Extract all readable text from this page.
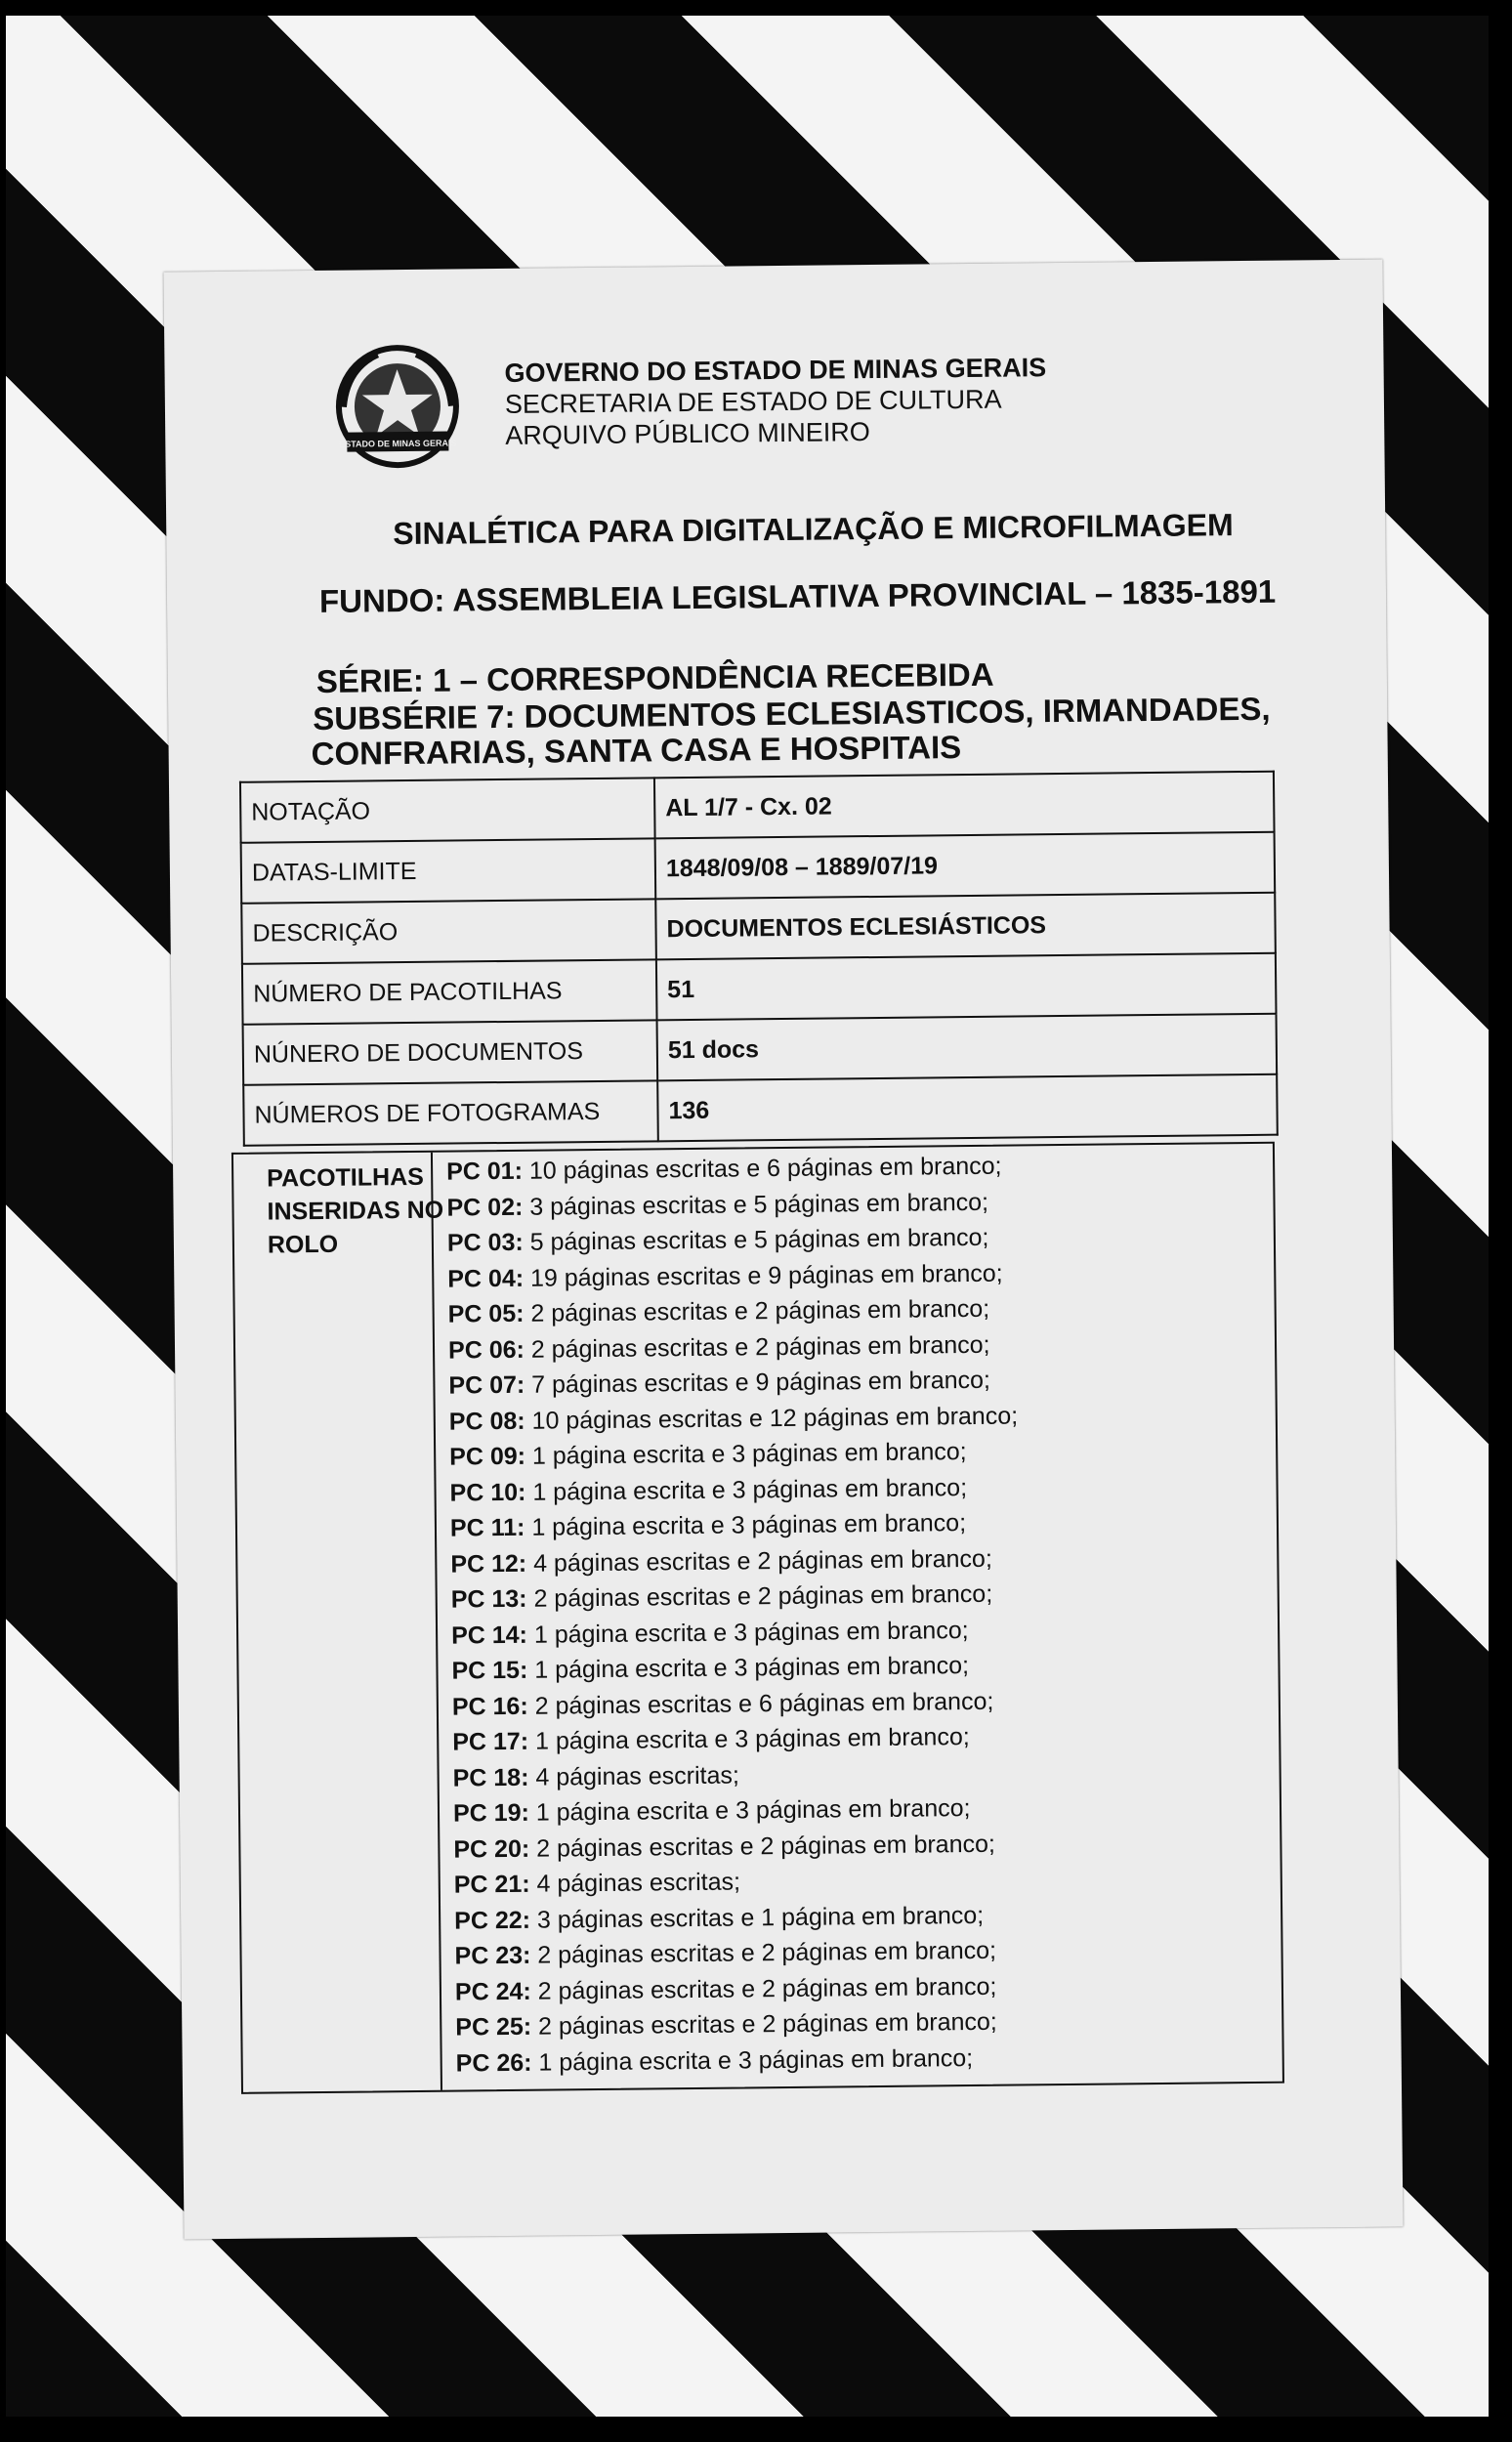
ESTADO DE MINAS GERAIS
GOVERNO DO ESTADO DE MINAS GERAIS
SECRETARIA DE ESTADO DE CULTURA
ARQUIVO PÚBLICO MINEIRO
SINALÉTICA PARA DIGITALIZAÇÃO E MICROFILMAGEM
FUNDO: ASSEMBLEIA LEGISLATIVA PROVINCIAL – 1835-1891
SÉRIE: 1 – CORRESPONDÊNCIA RECEBIDA
SUBSÉRIE 7: DOCUMENTOS ECLESIASTICOS, IRMANDADES,
CONFRARIAS, SANTA CASA E HOSPITAIS
NOTAÇÃO	AL 1/7 - Cx. 02
DATAS-LIMITE	1848/09/08 – 1889/07/19
DESCRIÇÃO	DOCUMENTOS ECLESIÁSTICOS
NÚMERO DE PACOTILHAS	51
NÚNERO DE DOCUMENTOS	51 docs
NÚMEROS DE FOTOGRAMAS	136
PACOTILHAS
INSERIDAS NO
ROLO
PC 01: 10 páginas escritas e 6 páginas em branco;
PC 02: 3 páginas escritas e 5 páginas em branco;
PC 03: 5 páginas escritas e 5 páginas em branco;
PC 04: 19 páginas escritas e 9 páginas em branco;
PC 05: 2 páginas escritas e 2 páginas em branco;
PC 06: 2 páginas escritas e 2 páginas em branco;
PC 07: 7 páginas escritas e 9 páginas em branco;
PC 08: 10 páginas escritas e 12 páginas em branco;
PC 09: 1 página escrita e 3 páginas em branco;
PC 10: 1 página escrita e 3 páginas em branco;
PC 11: 1 página escrita e 3 páginas em branco;
PC 12: 4 páginas escritas e 2 páginas em branco;
PC 13: 2 páginas escritas e 2 páginas em branco;
PC 14: 1 página escrita e 3 páginas em branco;
PC 15: 1 página escrita e 3 páginas em branco;
PC 16: 2 páginas escritas e 6 páginas em branco;
PC 17: 1 página escrita e 3 páginas em branco;
PC 18: 4 páginas escritas;
PC 19: 1 página escrita e 3 páginas em branco;
PC 20: 2 páginas escritas e 2 páginas em branco;
PC 21: 4 páginas escritas;
PC 22: 3 páginas escritas e 1 página em branco;
PC 23: 2 páginas escritas e 2 páginas em branco;
PC 24: 2 páginas escritas e 2 páginas em branco;
PC 25: 2 páginas escritas e 2 páginas em branco;
PC 26: 1 página escrita e 3 páginas em branco;
